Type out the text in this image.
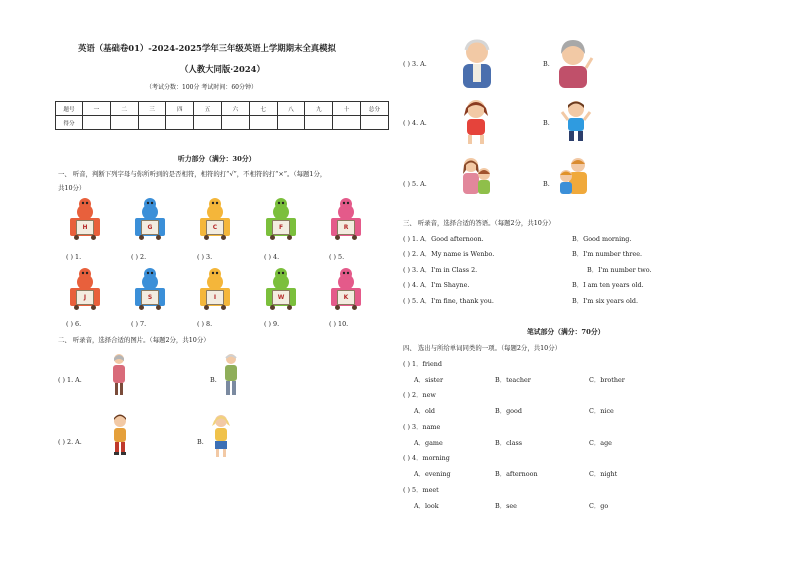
英语（基础卷01）-2024-2025学年三年级英语上学期期末全真模拟
（人教大同版·2024）
（考试分数：100分 考试时间：60分钟）
题号	一	二	三	四	五	六	七	八	九	十	总分
得分											
听力部分（满分：30分）
一、 听音，判断下列字母与你所听到的是否相符，相符的打“√”，不相符的打“×”。（每题1分，
共10分）
H	G	C	F	R
J	S	I	W	K
( ) 1.	( ) 2.	( ) 3.	( ) 4.	( ) 5.
( ) 6.	( ) 7.	( ) 8.	( ) 9.	( ) 10.
二、 听录音，选择合适的图片。（每题2分，共10分）
( ) 1. A.	B.
( ) 2. A.	B.
( ) 3. A.	B.
( ) 4. A.	B.
( ) 5. A.	B.
三、 听录音，选择合适的答语。（每题2分，共10分）
( ) 1. A．Good afternoon.	B．Good morning.
( ) 2. A．My name is Wenbo.	B．I'm number three.
( ) 3. A．I'm in Class 2.	B．I'm number two.
( ) 4. A．I'm Shayne.	B．I am ten years old.
( ) 5. A．I'm fine, thank you.	B．I'm six years old.
笔试部分（满分：70分）
四、 选出与所给单词同类的一项。（每题2分，共10分）
( ) 1．friend
A．sister	B．teacher	C．brother
( ) 2．new
A．old	B．good	C．nice
( ) 3．name
A．game	B．class	C．age
( ) 4．morning
A．evening	B．afternoon	C．night
( ) 5．meet
A．look	B．see	C．go
